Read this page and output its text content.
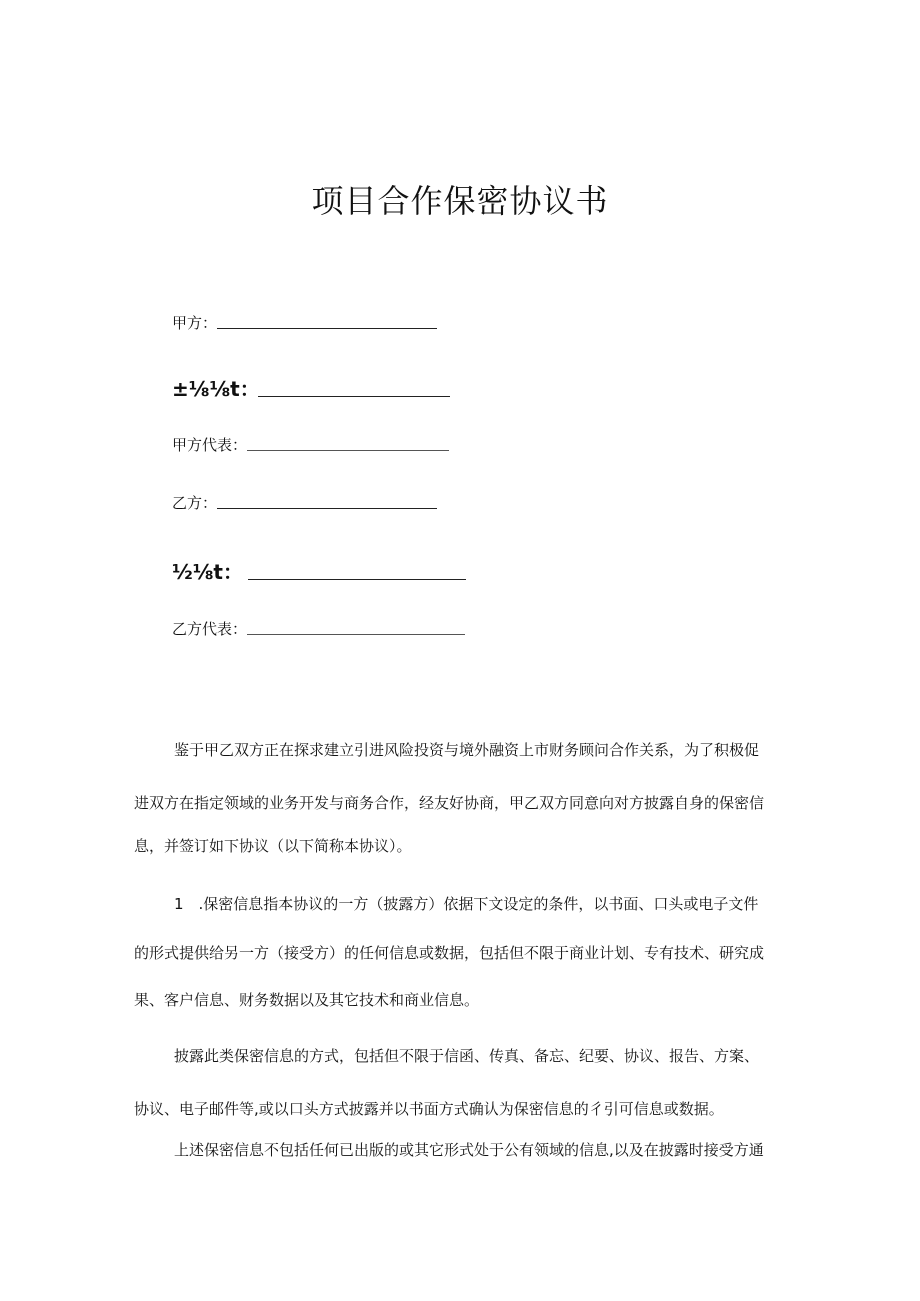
项目合作保密协议书
甲方：
±⅛⅛t：
甲方代表：
乙方：
½⅛t：
乙方代表：
鉴于甲乙双方正在探求建立引进风险投资与境外融资上市财务顾问合作关系，为了积极促
进双方在指定领域的业务开发与商务合作，经友好协商，甲乙双方同意向对方披露自身的保密信
息，并签订如下协议（以下简称本协议）。
1　.保密信息指本协议的一方（披露方）依据下文设定的条件，以书面、口头或电子文件
的形式提供给另一方（接受方）的任何信息或数据，包括但不限于商业计划、专有技术、研究成
果、客户信息、财务数据以及其它技术和商业信息。
披露此类保密信息的方式，包括但不限于信函、传真、备忘、纪要、协议、报告、方案、
协议、电子邮件等,或以口头方式披露并以书面方式确认为保密信息的彳引可信息或数据。
上述保密信息不包括任何已出版的或其它形式处于公有领域的信息,以及在披露时接受方通
